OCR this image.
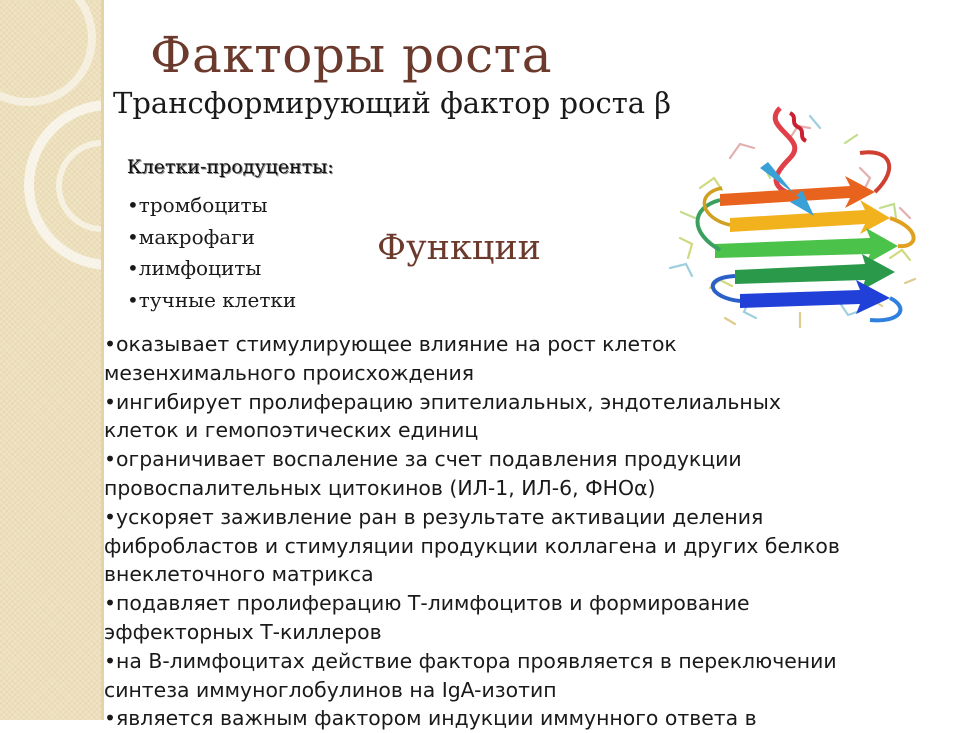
Факторы роста
Трансформирующий фактор роста β
Клетки-продуценты:
•тромбоциты
•макрофаги
•лимфоциты
•тучные клетки
Функции
•оказывает стимулирующее влияние на рост клеток
мезенхимального происхождения
•ингибирует пролиферацию эпителиальных, эндотелиальных
клеток и гемопоэтических единиц
•ограничивает воспаление за счет подавления продукции
провоспалительных цитокинов (ИЛ-1, ИЛ-6, ФНОα)
•ускоряет заживление ран в результате активации деления
фибробластов и стимуляции продукции коллагена и других белков
внеклеточного матрикса
•подавляет пролиферацию Т-лимфоцитов и формирование
эффекторных Т-киллеров
•на В-лимфоцитах действие фактора проявляется в переключении
синтеза иммуноглобулинов на IgA-изотип
•является важным фактором индукции иммунного ответа в
